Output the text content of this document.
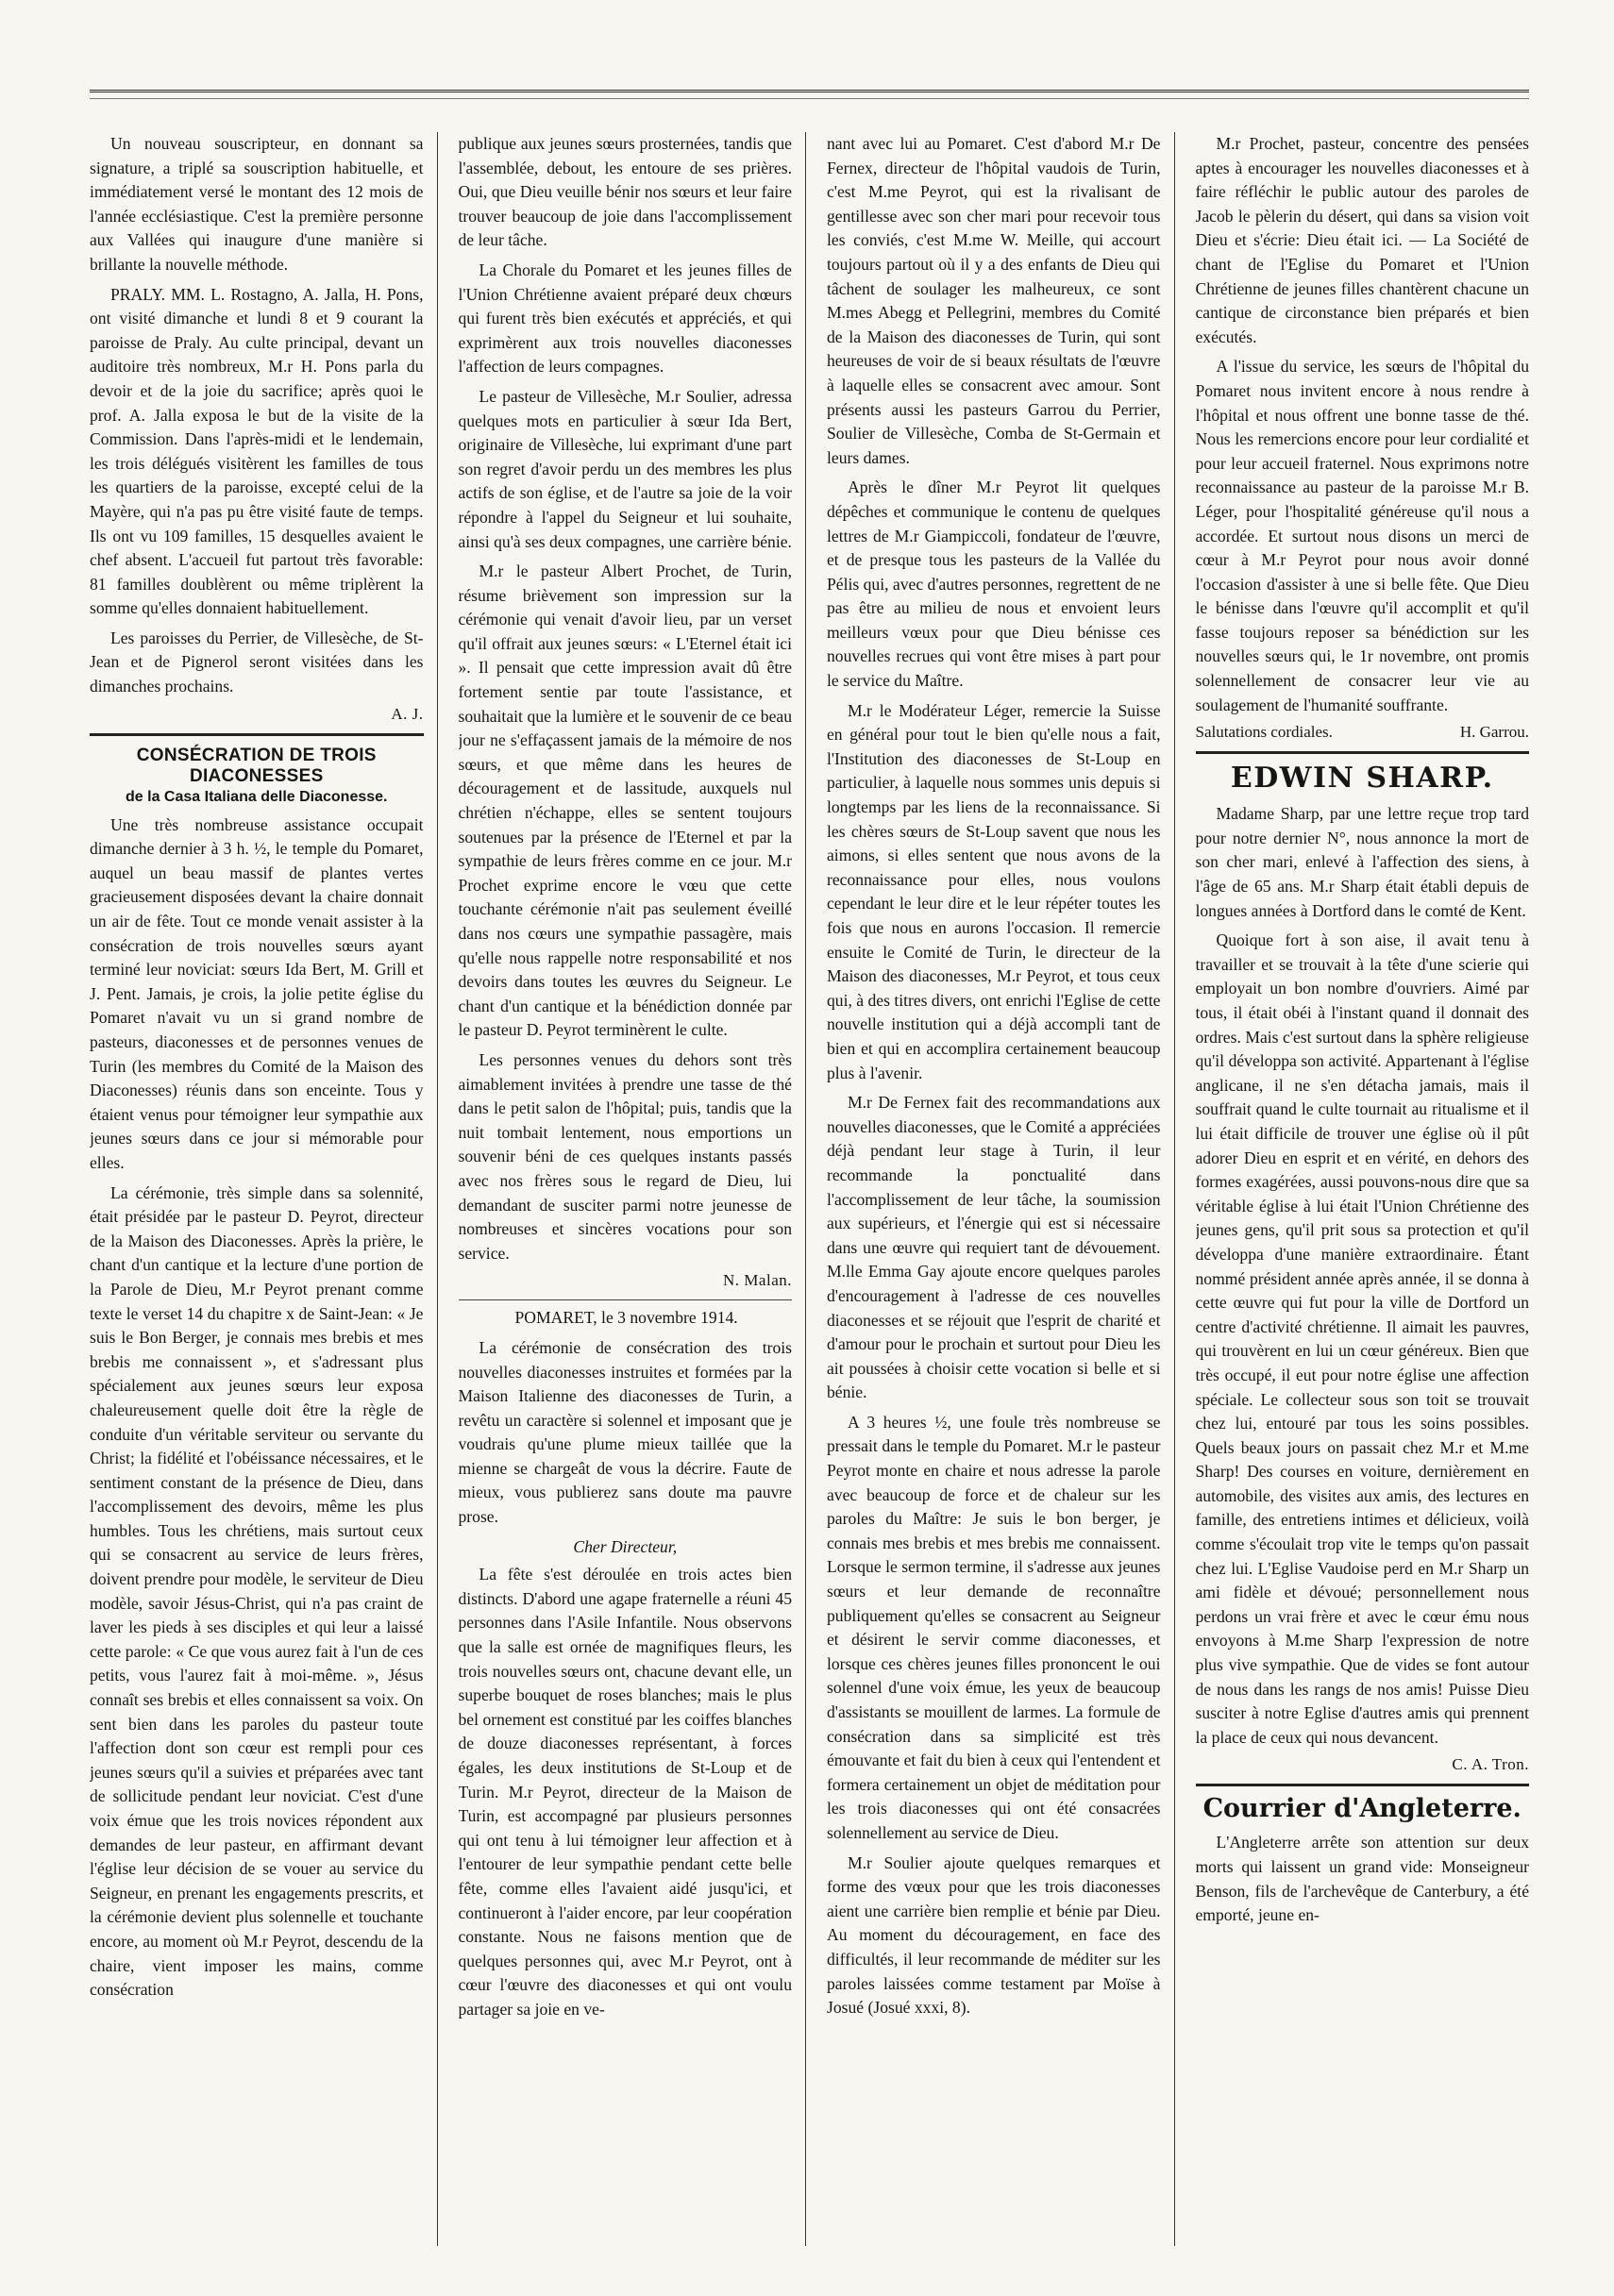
Un nouveau souscripteur, en donnant sa signature, a triplé sa souscription habituelle, et immédiatement versé le montant des 12 mois de l'année ecclésiastique. C'est la première personne aux Vallées qui inaugure d'une manière si brillante la nouvelle méthode.

PRALY. MM. L. Rostagno, A. Jalla, H. Pons, ont visité dimanche et lundi 8 et 9 courant la paroisse de Praly. Au culte principal, devant un auditoire très nombreux, M.r H. Pons parla du devoir et de la joie du sacrifice; après quoi le prof. A. Jalla exposa le but de la visite de la Commission. Dans l'après-midi et le lendemain, les trois délégués visitèrent les familles de tous les quartiers de la paroisse, excepté celui de la Mayère, qui n'a pas pu être visité faute de temps. Ils ont vu 109 familles, 15 desquelles avaient le chef absent. L'accueil fut partout très favorable: 81 familles doublèrent ou même triplèrent la somme qu'elles donnaient habituellement.

Les paroisses du Perrier, de Villesèche, de St-Jean et de Pignerol seront visitées dans les dimanches prochains.

A. J.
CONSÉCRATION DE TROIS DIACONESSES
de la Casa Italiana delle Diaconesse.

Une très nombreuse assistance occupait dimanche dernier à 3 h. ½, le temple du Pomaret, auquel un beau massif de plantes vertes gracieusement disposées devant la chaire donnait un air de fête. Tout ce monde venait assister à la consécration de trois nouvelles sœurs ayant terminé leur noviciat: sœurs Ida Bert, M. Grill et J. Pent. Jamais, je crois, la jolie petite église du Pomaret n'avait vu un si grand nombre de pasteurs, diaconesses et de personnes venues de Turin (les membres du Comité de la Maison des Diaconesses) réunis dans son enceinte. Tous y étaient venus pour témoigner leur sympathie aux jeunes sœurs dans ce jour si mémorable pour elles.

La cérémonie, très simple dans sa solennité, était présidée par le pasteur D. Peyrot, directeur de la Maison des Diaconesses. Après la prière, le chant d'un cantique et la lecture d'une portion de la Parole de Dieu, M.r Peyrot prenant comme texte le verset 14 du chapitre x de Saint-Jean: « Je suis le Bon Berger, je connais mes brebis et mes brebis me connaissent », et s'adressant plus spécialement aux jeunes sœurs leur exposa chaleureusement quelle doit être la règle de conduite d'un véritable serviteur ou servante du Christ; la fidélité et l'obéissance nécessaires, et le sentiment constant de la présence de Dieu, dans l'accomplissement des devoirs, même les plus humbles. Tous les chrétiens, mais surtout ceux qui se consacrent au service de leurs frères, doivent prendre pour modèle, le serviteur de Dieu modèle, savoir Jésus-Christ, qui n'a pas craint de laver les pieds à ses disciples et qui leur a laissé cette parole: « Ce que vous aurez fait à l'un de ces petits, vous l'aurez fait à moi-même. », Jésus connaît ses brebis et elles connaissent sa voix. On sent bien dans les paroles du pasteur toute l'affection dont son cœur est rempli pour ces jeunes sœurs qu'il a suivies et préparées avec tant de sollicitude pendant leur noviciat. C'est d'une voix émue que les trois novices répondent aux demandes de leur pasteur, en affirmant devant l'église leur décision de se vouer au service du Seigneur, en prenant les engagements prescrits, et la cérémonie devient plus solennelle et touchante encore, au moment où M.r Peyrot, descendu de la chaire, vient imposer les mains, comme consécration

publique aux jeunes sœurs prosternées, tandis que l'assemblée, debout, les entoure de ses prières. Oui, que Dieu veuille bénir nos sœurs et leur faire trouver beaucoup de joie dans l'accomplissement de leur tâche.

La Chorale du Pomaret et les jeunes filles de l'Union Chrétienne avaient préparé deux chœurs qui furent très bien exécutés et appréciés, et qui exprimèrent aux trois nouvelles diaconesses l'affection de leurs compagnes.

Le pasteur de Villesèche, M.r Soulier, adressa quelques mots en particulier à sœur Ida Bert, originaire de Villesèche, lui exprimant d'une part son regret d'avoir perdu un des membres les plus actifs de son église, et de l'autre sa joie de la voir répondre à l'appel du Seigneur et lui souhaite, ainsi qu'à ses deux compagnes, une carrière bénie.

M.r le pasteur Albert Prochet, de Turin, résume brièvement son impression sur la cérémonie qui venait d'avoir lieu, par un verset qu'il offrait aux jeunes sœurs: « L'Eternel était ici ». Il pensait que cette impression avait dû être fortement sentie par toute l'assistance, et souhaitait que la lumière et le souvenir de ce beau jour ne s'effaçassent jamais de la mémoire de nos sœurs, et que même dans les heures de découragement et de lassitude, auxquels nul chrétien n'échappe, elles se sentent toujours soutenues par la présence de l'Eternel et par la sympathie de leurs frères comme en ce jour. M.r Prochet exprime encore le vœu que cette touchante cérémonie n'ait pas seulement éveillé dans nos cœurs une sympathie passagère, mais qu'elle nous rappelle notre responsabilité et nos devoirs dans toutes les œuvres du Seigneur. Le chant d'un cantique et la bénédiction donnée par le pasteur D. Peyrot terminèrent le culte.

Les personnes venues du dehors sont très aimablement invitées à prendre une tasse de thé dans le petit salon de l'hôpital; puis, tandis que la nuit tombait lentement, nous emportions un souvenir béni de ces quelques instants passés avec nos frères sous le regard de Dieu, lui demandant de susciter parmi notre jeunesse de nombreuses et sincères vocations pour son service.

N. Malan.

POMARET, le 3 novembre 1914.

La cérémonie de consécration des trois nouvelles diaconesses instruites et formées par la Maison Italienne des diaconesses de Turin, a revêtu un caractère si solennel et imposant que je voudrais qu'une plume mieux taillée que la mienne se chargeât de vous la décrire. Faute de mieux, vous publierez sans doute ma pauvre prose.

Cher Directeur,

La fête s'est déroulée en trois actes bien distincts. D'abord une agape fraternelle a réuni 45 personnes dans l'Asile Infantile. Nous observons que la salle est ornée de magnifiques fleurs, les trois nouvelles sœurs ont, chacune devant elle, un superbe bouquet de roses blanches; mais le plus bel ornement est constitué par les coiffes blanches de douze diaconesses représentant, à forces égales, les deux institutions de St-Loup et de Turin. M.r Peyrot, directeur de la Maison de Turin, est accompagné par plusieurs personnes qui ont tenu à lui témoigner leur affection et à l'entourer de leur sympathie pendant cette belle fête, comme elles l'avaient aidé jusqu'ici, et continueront à l'aider encore, par leur coopération constante. Nous ne faisons mention que de quelques personnes qui, avec M.r Peyrot, ont à cœur l'œuvre des diaconesses et qui ont voulu partager sa joie en ve-

nant avec lui au Pomaret. C'est d'abord M.r De Fernex, directeur de l'hôpital vaudois de Turin, c'est M.me Peyrot, qui est la rivalisant de gentillesse avec son cher mari pour recevoir tous les conviés, c'est M.me W. Meille, qui accourt toujours partout où il y a des enfants de Dieu qui tâchent de soulager les malheureux, ce sont M.mes Abegg et Pellegrini, membres du Comité de la Maison des diaconesses de Turin, qui sont heureuses de voir de si beaux résultats de l'œuvre à laquelle elles se consacrent avec amour. Sont présents aussi les pasteurs Garrou du Perrier, Soulier de Villesèche, Comba de St-Germain et leurs dames.

Après le dîner M.r Peyrot lit quelques dépêches et communique le contenu de quelques lettres de M.r Giampiccoli, fondateur de l'œuvre, et de presque tous les pasteurs de la Vallée du Pélis qui, avec d'autres personnes, regrettent de ne pas être au milieu de nous et envoient leurs meilleurs vœux pour que Dieu bénisse ces nouvelles recrues qui vont être mises à part pour le service du Maître.

M.r le Modérateur Léger, remercie la Suisse en général pour tout le bien qu'elle nous a fait, l'Institution des diaconesses de St-Loup en particulier, à laquelle nous sommes unis depuis si longtemps par les liens de la reconnaissance. Si les chères sœurs de St-Loup savent que nous les aimons, si elles sentent que nous avons de la reconnaissance pour elles, nous voulons cependant le leur dire et le leur répéter toutes les fois que nous en aurons l'occasion. Il remercie ensuite le Comité de Turin, le directeur de la Maison des diaconesses, M.r Peyrot, et tous ceux qui, à des titres divers, ont enrichi l'Eglise de cette nouvelle institution qui a déjà accompli tant de bien et qui en accomplira certainement beaucoup plus à l'avenir.

M.r De Fernex fait des recommandations aux nouvelles diaconesses, que le Comité a appréciées déjà pendant leur stage à Turin, il leur recommande la ponctualité dans l'accomplissement de leur tâche, la soumission aux supérieurs, et l'énergie qui est si nécessaire dans une œuvre qui requiert tant de dévouement. M.lle Emma Gay ajoute encore quelques paroles d'encouragement à l'adresse de ces nouvelles diaconesses et se réjouit que l'esprit de charité et d'amour pour le prochain et surtout pour Dieu les ait poussées à choisir cette vocation si belle et si bénie.

A 3 heures ½, une foule très nombreuse se pressait dans le temple du Pomaret. M.r le pasteur Peyrot monte en chaire et nous adresse la parole avec beaucoup de force et de chaleur sur les paroles du Maître: Je suis le bon berger, je connais mes brebis et mes brebis me connaissent. Lorsque le sermon termine, il s'adresse aux jeunes sœurs et leur demande de reconnaître publiquement qu'elles se consacrent au Seigneur et désirent le servir comme diaconesses, et lorsque ces chères jeunes filles prononcent le oui solennel d'une voix émue, les yeux de beaucoup d'assistants se mouillent de larmes. La formule de consécration dans sa simplicité est très émouvante et fait du bien à ceux qui l'entendent et formera certainement un objet de méditation pour les trois diaconesses qui ont été consacrées solennellement au service de Dieu.

M.r Soulier ajoute quelques remarques et forme des vœux pour que les trois diaconesses aient une carrière bien remplie et bénie par Dieu. Au moment du découragement, en face des difficultés, il leur recommande de méditer sur les paroles laissées comme testament par Moïse à Josué (Josué xxxi, 8).

M.r Prochet, pasteur, concentre des pensées aptes à encourager les nouvelles diaconesses et à faire réfléchir le public autour des paroles de Jacob le pèlerin du désert, qui dans sa vision voit Dieu et s'écrie: Dieu était ici. — La Société de chant de l'Eglise du Pomaret et l'Union Chrétienne de jeunes filles chantèrent chacune un cantique de circonstance bien préparés et bien exécutés.

A l'issue du service, les sœurs de l'hôpital du Pomaret nous invitent encore à nous rendre à l'hôpital et nous offrent une bonne tasse de thé. Nous les remercions encore pour leur cordialité et pour leur accueil fraternel. Nous exprimons notre reconnaissance au pasteur de la paroisse M.r B. Léger, pour l'hospitalité généreuse qu'il nous a accordée. Et surtout nous disons un merci de cœur à M.r Peyrot pour nous avoir donné l'occasion d'assister à une si belle fête. Que Dieu le bénisse dans l'œuvre qu'il accomplit et qu'il fasse toujours reposer sa bénédiction sur les nouvelles sœurs qui, le 1r novembre, ont promis solennellement de consacrer leur vie au soulagement de l'humanité souffrante.

Salutations cordiales.	H. Garrou.
EDWIN SHARP.

Madame Sharp, par une lettre reçue trop tard pour notre dernier N°, nous annonce la mort de son cher mari, enlevé à l'affection des siens, à l'âge de 65 ans. M.r Sharp était établi depuis de longues années à Dortford dans le comté de Kent.

Quoique fort à son aise, il avait tenu à travailler et se trouvait à la tête d'une scierie qui employait un bon nombre d'ouvriers. Aimé par tous, il était obéi à l'instant quand il donnait des ordres. Mais c'est surtout dans la sphère religieuse qu'il développa son activité. Appartenant à l'église anglicane, il ne s'en détacha jamais, mais il souffrait quand le culte tournait au ritualisme et il lui était difficile de trouver une église où il pût adorer Dieu en esprit et en vérité, en dehors des formes exagérées, aussi pouvons-nous dire que sa véritable église à lui était l'Union Chrétienne des jeunes gens, qu'il prit sous sa protection et qu'il développa d'une manière extraordinaire. Étant nommé président année après année, il se donna à cette œuvre qui fut pour la ville de Dortford un centre d'activité chrétienne. Il aimait les pauvres, qui trouvèrent en lui un cœur généreux. Bien que très occupé, il eut pour notre église une affection spéciale. Le collecteur sous son toit se trouvait chez lui, entouré par tous les soins possibles. Quels beaux jours on passait chez M.r et M.me Sharp! Des courses en voiture, dernièrement en automobile, des visites aux amis, des lectures en famille, des entretiens intimes et délicieux, voilà comme s'écoulait trop vite le temps qu'on passait chez lui. L'Eglise Vaudoise perd en M.r Sharp un ami fidèle et dévoué; personnellement nous perdons un vrai frère et avec le cœur ému nous envoyons à M.me Sharp l'expression de notre plus vive sympathie. Que de vides se font autour de nous dans les rangs de nos amis! Puisse Dieu susciter à notre Eglise d'autres amis qui prennent la place de ceux qui nous devancent.

C. A. Tron.
Courrier d'Angleterre.

L'Angleterre arrête son attention sur deux morts qui laissent un grand vide: Monseigneur Benson, fils de l'archevêque de Canterbury, a été emporté, jeune en-
